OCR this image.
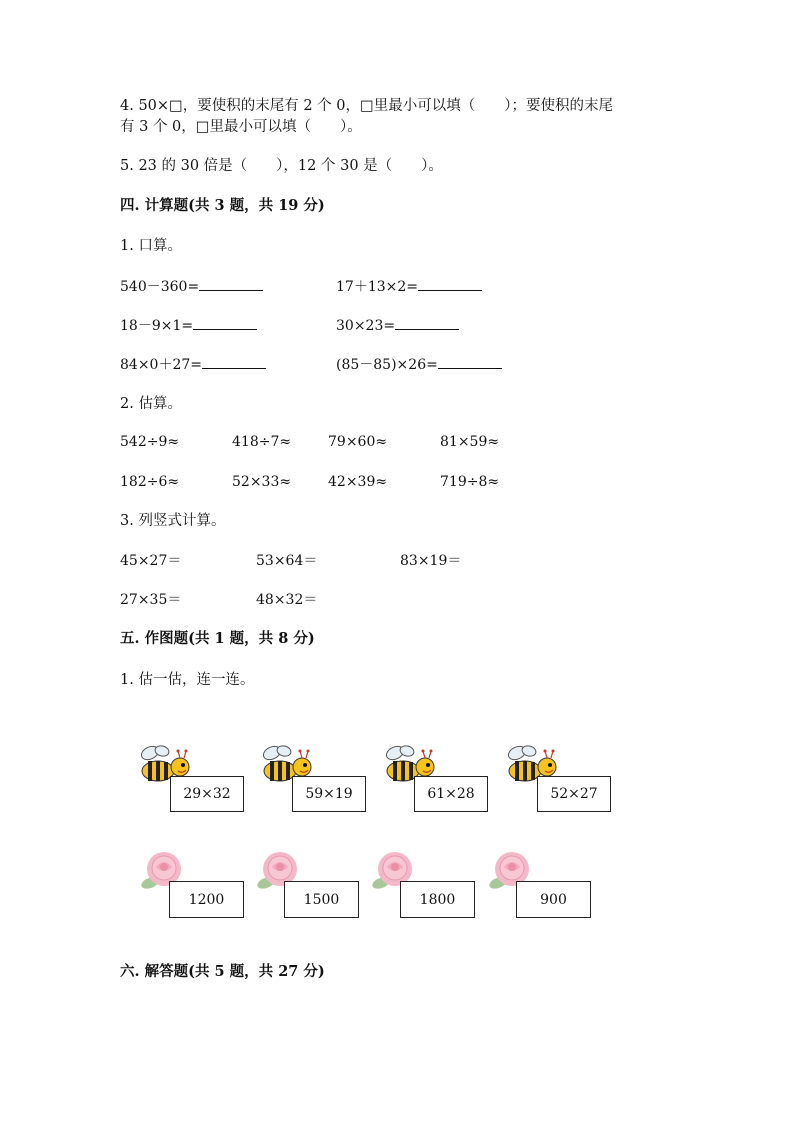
4. 50×□，要使积的末尾有 2 个 0，□里最小可以填（　　）；要使积的末尾
有 3 个 0，□里最小可以填（　　）。
5. 23 的 30 倍是（　　），12 个 30 是（　　）。
四. 计算题(共 3 题，共 19 分)
1. 口算。
540－360=	17＋13×2=
18－9×1=	30×23=
84×0＋27=	(85－85)×26=
2. 估算。
542÷9≈	418÷7≈	79×60≈	81×59≈
182÷6≈	52×33≈	42×39≈	719÷8≈
3. 列竖式计算。
45×27＝	53×64＝	83×19＝
27×35＝	48×32＝
五. 作图题(共 1 题，共 8 分)
1. 估一估，连一连。
29×32	59×19	61×28	52×27
1200	1500	1800	900
六. 解答题(共 5 题，共 27 分)
